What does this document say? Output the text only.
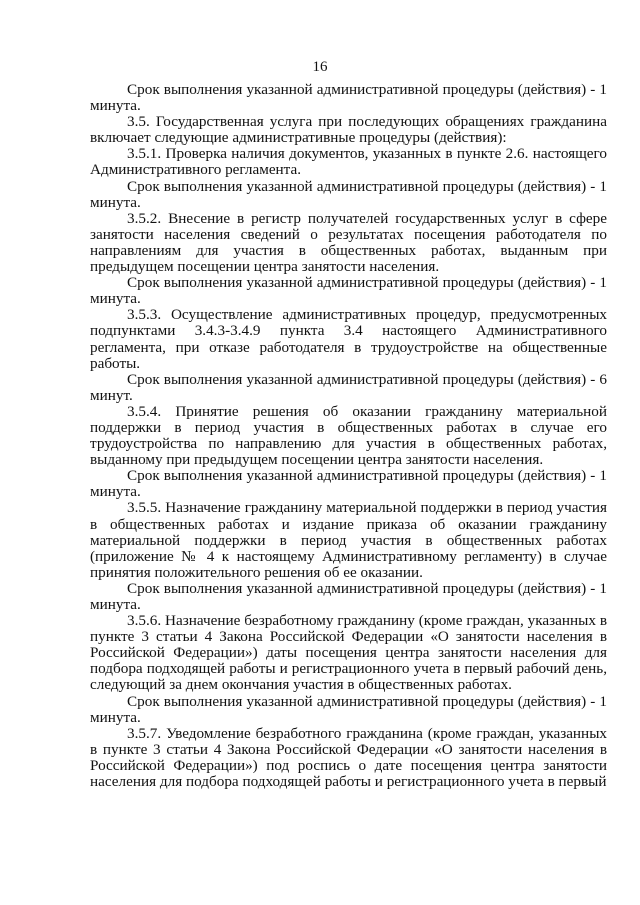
16

Срок выполнения указанной административной процедуры (действия) - 1 минута.

3.5. Государственная услуга при последующих обращениях гражданина включает следующие административные процедуры (действия):

3.5.1. Проверка наличия документов, указанных в пункте 2.6. настоящего Административного регламента.

Срок выполнения указанной административной процедуры (действия) - 1 минута.

3.5.2. Внесение в регистр получателей государственных услуг в сфере занятости населения сведений о результатах посещения работодателя по направлениям для участия в общественных работах, выданным при предыдущем посещении центра занятости населения.

Срок выполнения указанной административной процедуры (действия) - 1 минута.

3.5.3. Осуществление административных процедур, предусмотренных подпунктами 3.4.3-3.4.9 пункта 3.4 настоящего Административного регламента, при отказе работодателя в трудоустройстве на общественные работы.

Срок выполнения указанной административной процедуры (действия) - 6 минут.

3.5.4. Принятие решения об оказании гражданину материальной поддержки в период участия в общественных работах в случае его трудоустройства по направлению для участия в общественных работах, выданному при предыдущем посещении центра занятости населения.

Срок выполнения указанной административной процедуры (действия) - 1 минута.

3.5.5. Назначение гражданину материальной поддержки в период участия в общественных работах и издание приказа об оказании гражданину материальной поддержки в период участия в общественных работах (приложение № 4 к настоящему Административному регламенту) в случае принятия положительного решения об ее оказании.

Срок выполнения указанной административной процедуры (действия) - 1 минута.

3.5.6. Назначение безработному гражданину (кроме граждан, указанных в пункте 3 статьи 4 Закона Российской Федерации «О занятости населения в Российской Федерации») даты посещения центра занятости населения для подбора подходящей работы и регистрационного учета в первый рабочий день, следующий за днем окончания участия в общественных работах.

Срок выполнения указанной административной процедуры (действия) - 1 минута.

3.5.7. Уведомление безработного гражданина (кроме граждан, указанных в пункте 3 статьи 4 Закона Российской Федерации «О занятости населения в Российской Федерации») под роспись о дате посещения центра занятости населения для подбора подходящей работы и регистрационного учета в первый
